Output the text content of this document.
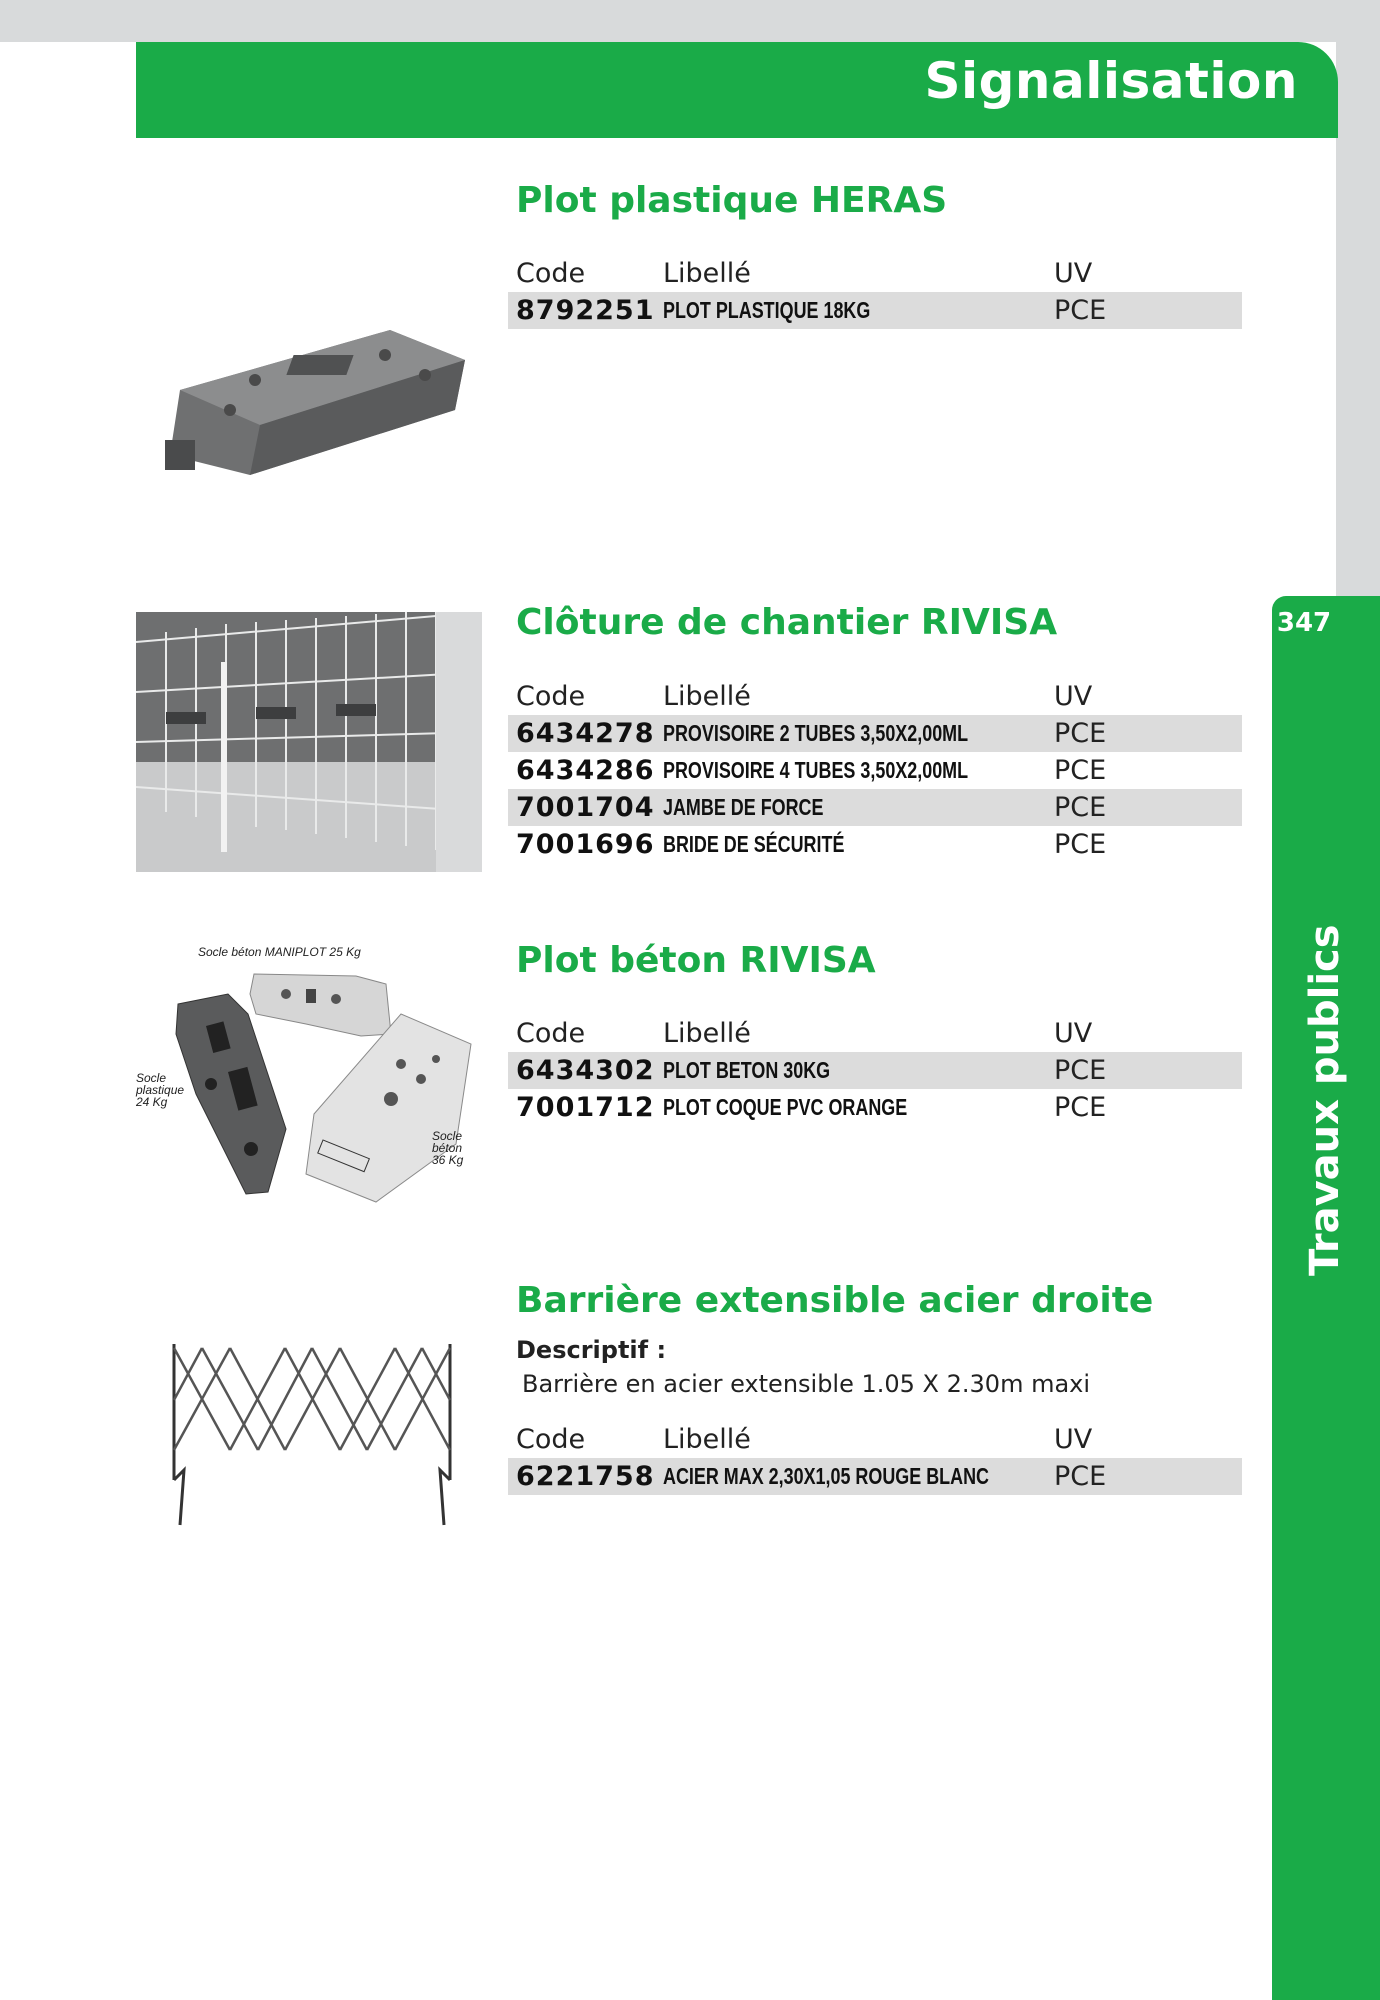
Signalisation
347
Travaux publics
Plot plastique HERAS
Code	Libellé	UV
8792251 PLOT PLASTIQUE 18KG	PCE
Clôture de chantier RIVISA
Code	Libellé	UV
6434278 PROVISOIRE 2 TUBES 3,50X2,00ML	PCE
6434286 PROVISOIRE 4 TUBES 3,50X2,00ML	PCE
7001704 JAMBE DE FORCE	PCE
7001696 BRIDE DE SÉCURITÉ	PCE
Socle béton MANIPLOT 25 Kg
Socle
plastique
24 Kg
Socle
béton
36 Kg
Plot béton RIVISA
Code	Libellé	UV
6434302 PLOT BETON 30KG	PCE
7001712 PLOT COQUE PVC ORANGE	PCE
Barrière extensible acier droite
Descriptif :
Barrière en acier extensible 1.05 X 2.30m maxi
Code	Libellé	UV
6221758 ACIER MAX 2,30X1,05 ROUGE BLANC PCE
